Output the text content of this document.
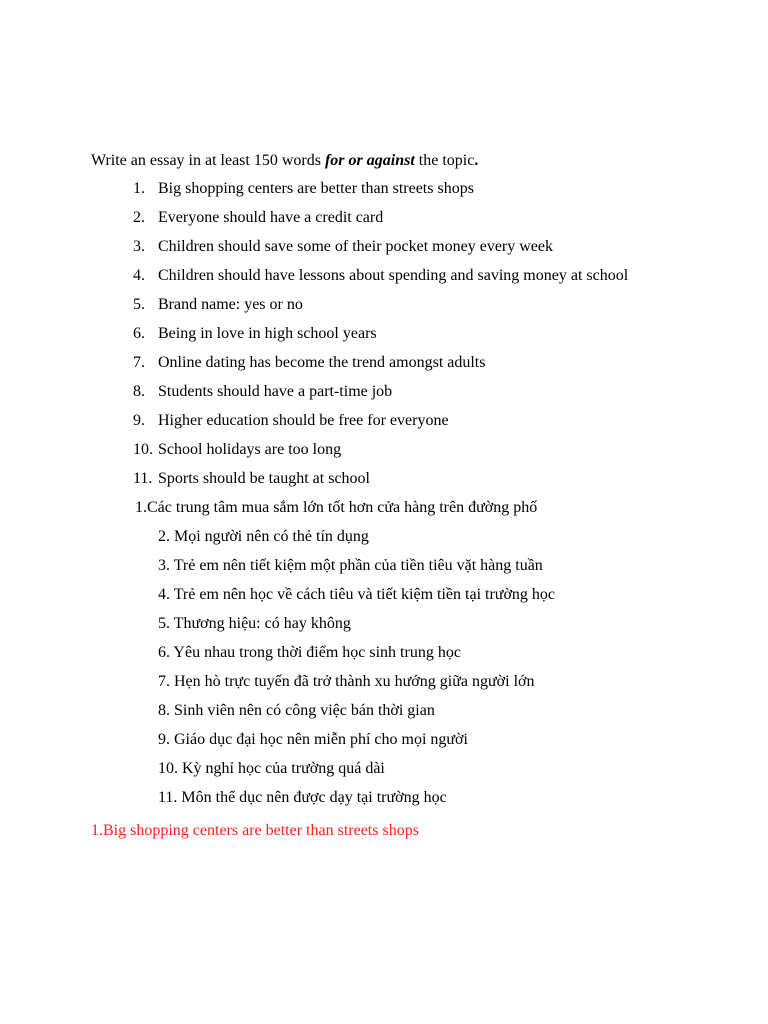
Write an essay in at least 150 words for or against the topic.
1. Big shopping centers are better than streets shops
2. Everyone should have a credit card
3. Children should save some of their pocket money every week
4. Children should have lessons about spending and saving money at school
5. Brand name: yes or no
6. Being in love in high school years
7. Online dating has become the trend amongst adults
8. Students should have a part-time job
9. Higher education should be free for everyone
10. School holidays are too long
11. Sports should be taught at school
1.Các trung tâm mua sắm lớn tốt hơn cửa hàng trên đường phố
2. Mọi người nên có thẻ tín dụng
3. Trẻ em nên tiết kiệm một phần của tiền tiêu vặt hàng tuần
4. Trẻ em nên học về cách tiêu và tiết kiệm tiền tại trường học
5. Thương hiệu: có hay không
6. Yêu nhau trong thời điểm học sinh trung học
7. Hẹn hò trực tuyến đã trở thành xu hướng giữa người lớn
8. Sinh viên nên có công việc bán thời gian
9. Giáo dục đại học nên miễn phí cho mọi người
10. Kỳ nghỉ học của trường quá dài
11. Môn thể dục nên được dạy tại trường học
1.Big shopping centers are better than streets shops
